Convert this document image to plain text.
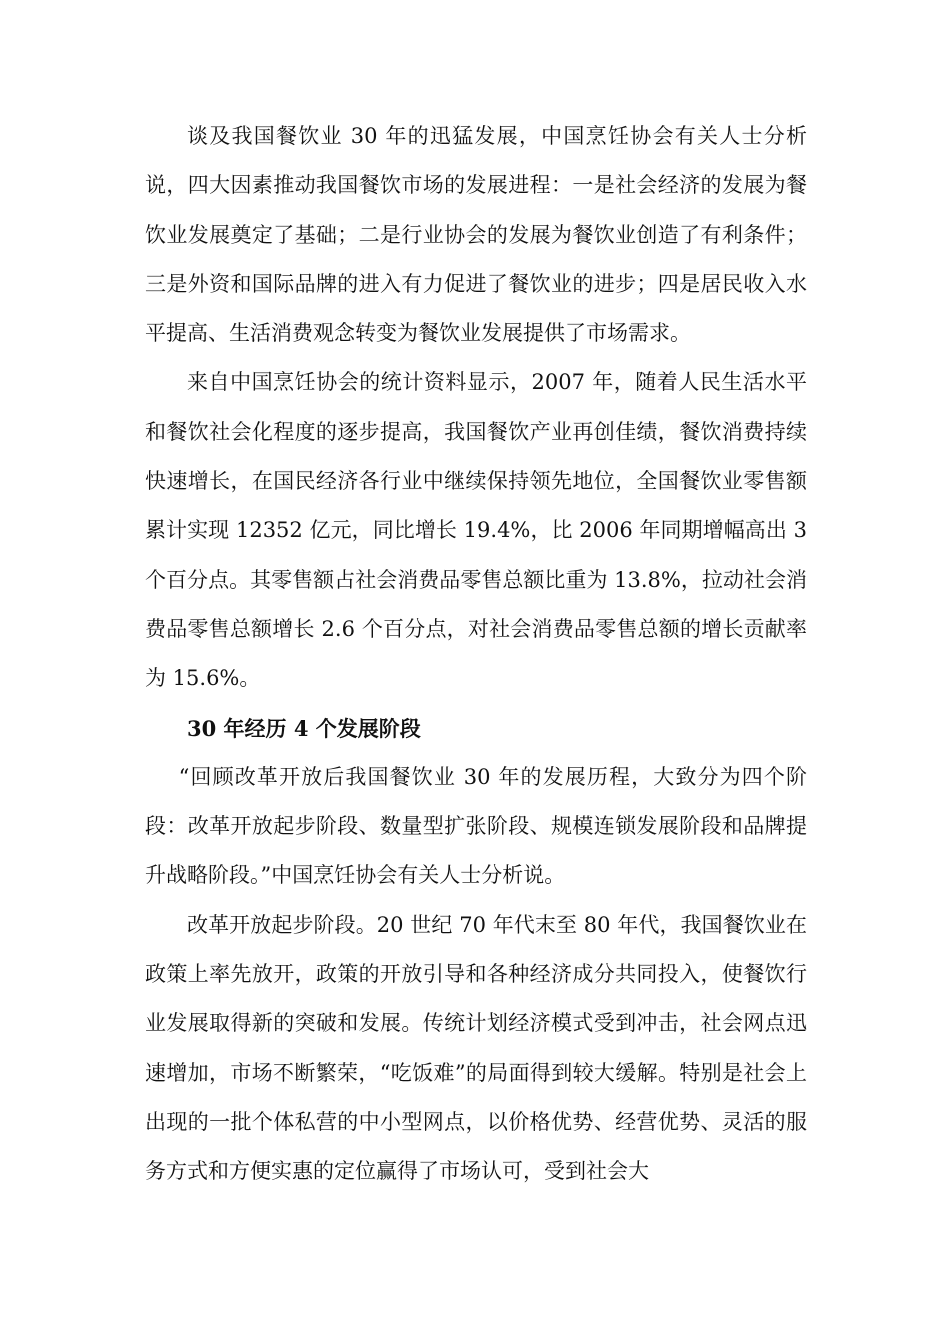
谈及我国餐饮业 30 年的迅猛发展，中国烹饪协会有关人士分析说，四大因素推动我国餐饮市场的发展进程：一是社会经济的发展为餐饮业发展奠定了基础；二是行业协会的发展为餐饮业创造了有利条件；三是外资和国际品牌的进入有力促进了餐饮业的进步；四是居民收入水平提高、生活消费观念转变为餐饮业发展提供了市场需求。

来自中国烹饪协会的统计资料显示，2007 年，随着人民生活水平和餐饮社会化程度的逐步提高，我国餐饮产业再创佳绩，餐饮消费持续快速增长，在国民经济各行业中继续保持领先地位，全国餐饮业零售额累计实现 12352 亿元，同比增长 19.4%，比 2006 年同期增幅高出 3 个百分点。其零售额占社会消费品零售总额比重为 13.8%，拉动社会消费品零售总额增长 2.6 个百分点，对社会消费品零售总额的增长贡献率为 15.6%。

30 年经历 4 个发展阶段

“回顾改革开放后我国餐饮业 30 年的发展历程，大致分为四个阶段：改革开放起步阶段、数量型扩张阶段、规模连锁发展阶段和品牌提升战略阶段。”中国烹饪协会有关人士分析说。

改革开放起步阶段。20 世纪 70 年代末至 80 年代，我国餐饮业在政策上率先放开，政策的开放引导和各种经济成分共同投入，使餐饮行业发展取得新的突破和发展。传统计划经济模式受到冲击，社会网点迅速增加，市场不断繁荣，“吃饭难”的局面得到较大缓解。特别是社会上出现的一批个体私营的中小型网点，以价格优势、经营优势、灵活的服务方式和方便实惠的定位赢得了市场认可，受到社会大
